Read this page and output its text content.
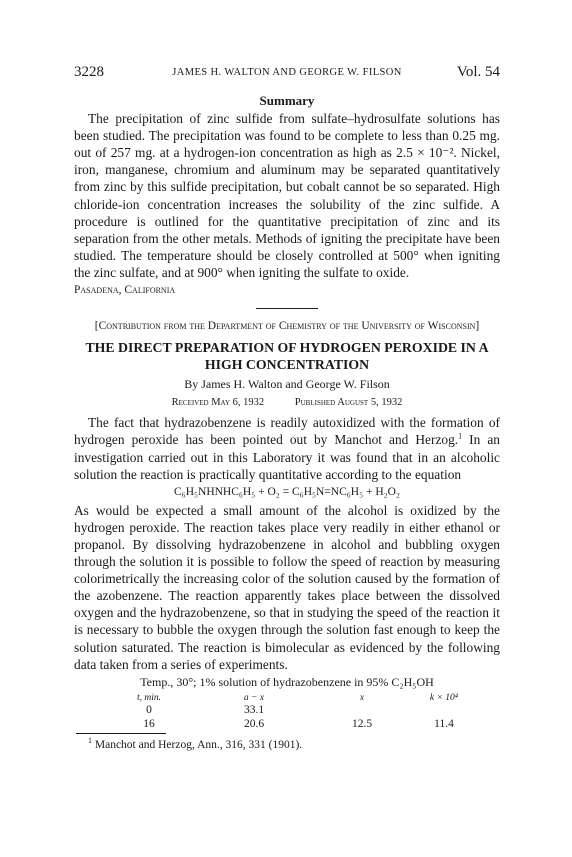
3228	JAMES H. WALTON AND GEORGE W. FILSON	Vol. 54
Summary

The precipitation of zinc sulfide from sulfate–hydrosulfate solutions has been studied. The precipitation was found to be complete to less than 0.25 mg. out of 257 mg. at a hydrogen-ion concentration as high as 2.5 × 10⁻². Nickel, iron, manganese, chromium and aluminum may be separated quantitatively from zinc by this sulfide precipitation, but cobalt cannot be so separated. High chloride-ion concentration increases the solubility of the zinc sulfide. A procedure is outlined for the quantitative precipitation of zinc and its separation from the other metals. Methods of igniting the precipitate have been studied. The temperature should be closely controlled at 500° when igniting the zinc sulfate, and at 900° when igniting the sulfate to oxide.

Pasadena, California
[Contribution from the Department of Chemistry of the University of Wisconsin]
THE DIRECT PREPARATION OF HYDROGEN PEROXIDE IN A HIGH CONCENTRATION
By James H. Walton and George W. Filson
Received May 6, 1932	Published August 5, 1932

The fact that hydrazobenzene is readily autoxidized with the formation of hydrogen peroxide has been pointed out by Manchot and Herzog.$^1$ In an investigation carried out in this Laboratory it was found that in an alcoholic solution the reaction is practically quantitative according to the equation

C₆H₅NHNHC₆H₅ + O₂ = C₆H₅N=NC₆H₅ + H₂O₂

As would be expected a small amount of the alcohol is oxidized by the hydrogen peroxide. The reaction takes place very readily in either ethanol or propanol. By dissolving hydrazobenzene in alcohol and bubbling oxygen through the solution it is possible to follow the speed of reaction by measuring colorimetrically the increasing color of the solution caused by the formation of the azobenzene. The reaction apparently takes place between the dissolved oxygen and the hydrazobenzene, so that in studying the speed of the reaction it is necessary to bubble the oxygen through the solution fast enough to keep the solution saturated. The reaction is bimolecular as evidenced by the following data taken from a series of experiments.

Temp., 30°; 1% solution of hydrazobenzene in 95% C₂H₅OH
t, min.	a − x	x	k × 10⁴
0	33.1
16	20.6	12.5	11.4
$^1$ Manchot and Herzog, Ann., 316, 331 (1901).
